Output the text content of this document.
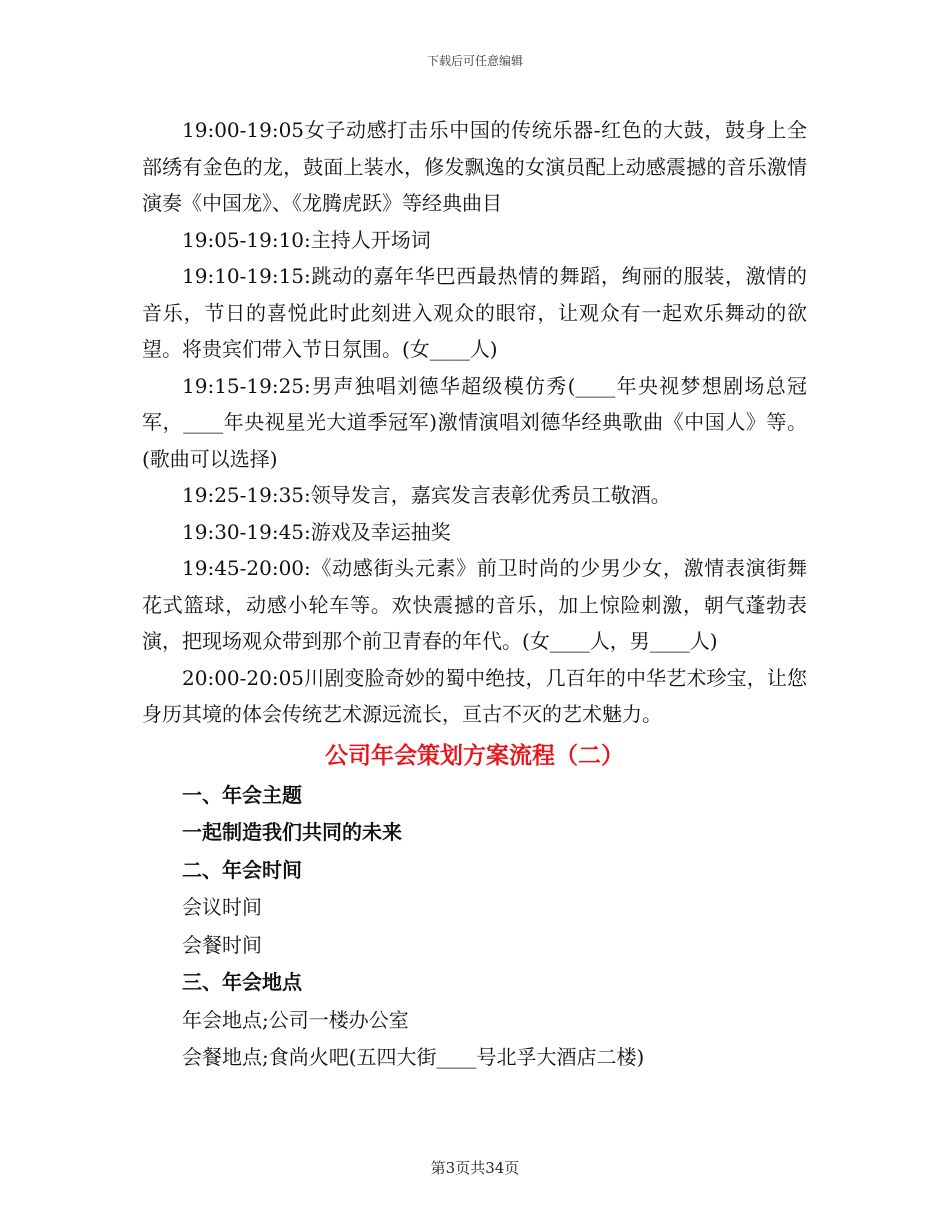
下载后可任意编辑

19:00-19:05女子动感打击乐中国的传统乐器-红色的大鼓，鼓身上全部绣有金色的龙，鼓面上装水，修发飘逸的女演员配上动感震撼的音乐激情演奏《中国龙》、《龙腾虎跃》等经典曲目

19:05-19:10:主持人开场词

19:10-19:15:跳动的嘉年华巴西最热情的舞蹈，绚丽的服装，激情的音乐，节日的喜悦此时此刻进入观众的眼帘，让观众有一起欢乐舞动的欲望。将贵宾们带入节日氛围。(女____人)

19:15-19:25:男声独唱刘德华超级模仿秀(____年央视梦想剧场总冠军，____年央视星光大道季冠军)激情演唱刘德华经典歌曲《中国人》等。(歌曲可以选择)

19:25-19:35:领导发言，嘉宾发言表彰优秀员工敬酒。

19:30-19:45:游戏及幸运抽奖

19:45-20:00:《动感街头元素》前卫时尚的少男少女，激情表演街舞花式篮球，动感小轮车等。欢快震撼的音乐，加上惊险刺激，朝气蓬勃表演，把现场观众带到那个前卫青春的年代。(女____人，男____人)

20:00-20:05川剧变脸奇妙的蜀中绝技，几百年的中华艺术珍宝，让您身历其境的体会传统艺术源远流长，亘古不灭的艺术魅力。

公司年会策划方案流程（二）

一、年会主题

一起制造我们共同的未来

二、年会时间

会议时间

会餐时间

三、年会地点

年会地点;公司一楼办公室

会餐地点;食尚火吧(五四大街____号北孚大酒店二楼)

第3页共34页
